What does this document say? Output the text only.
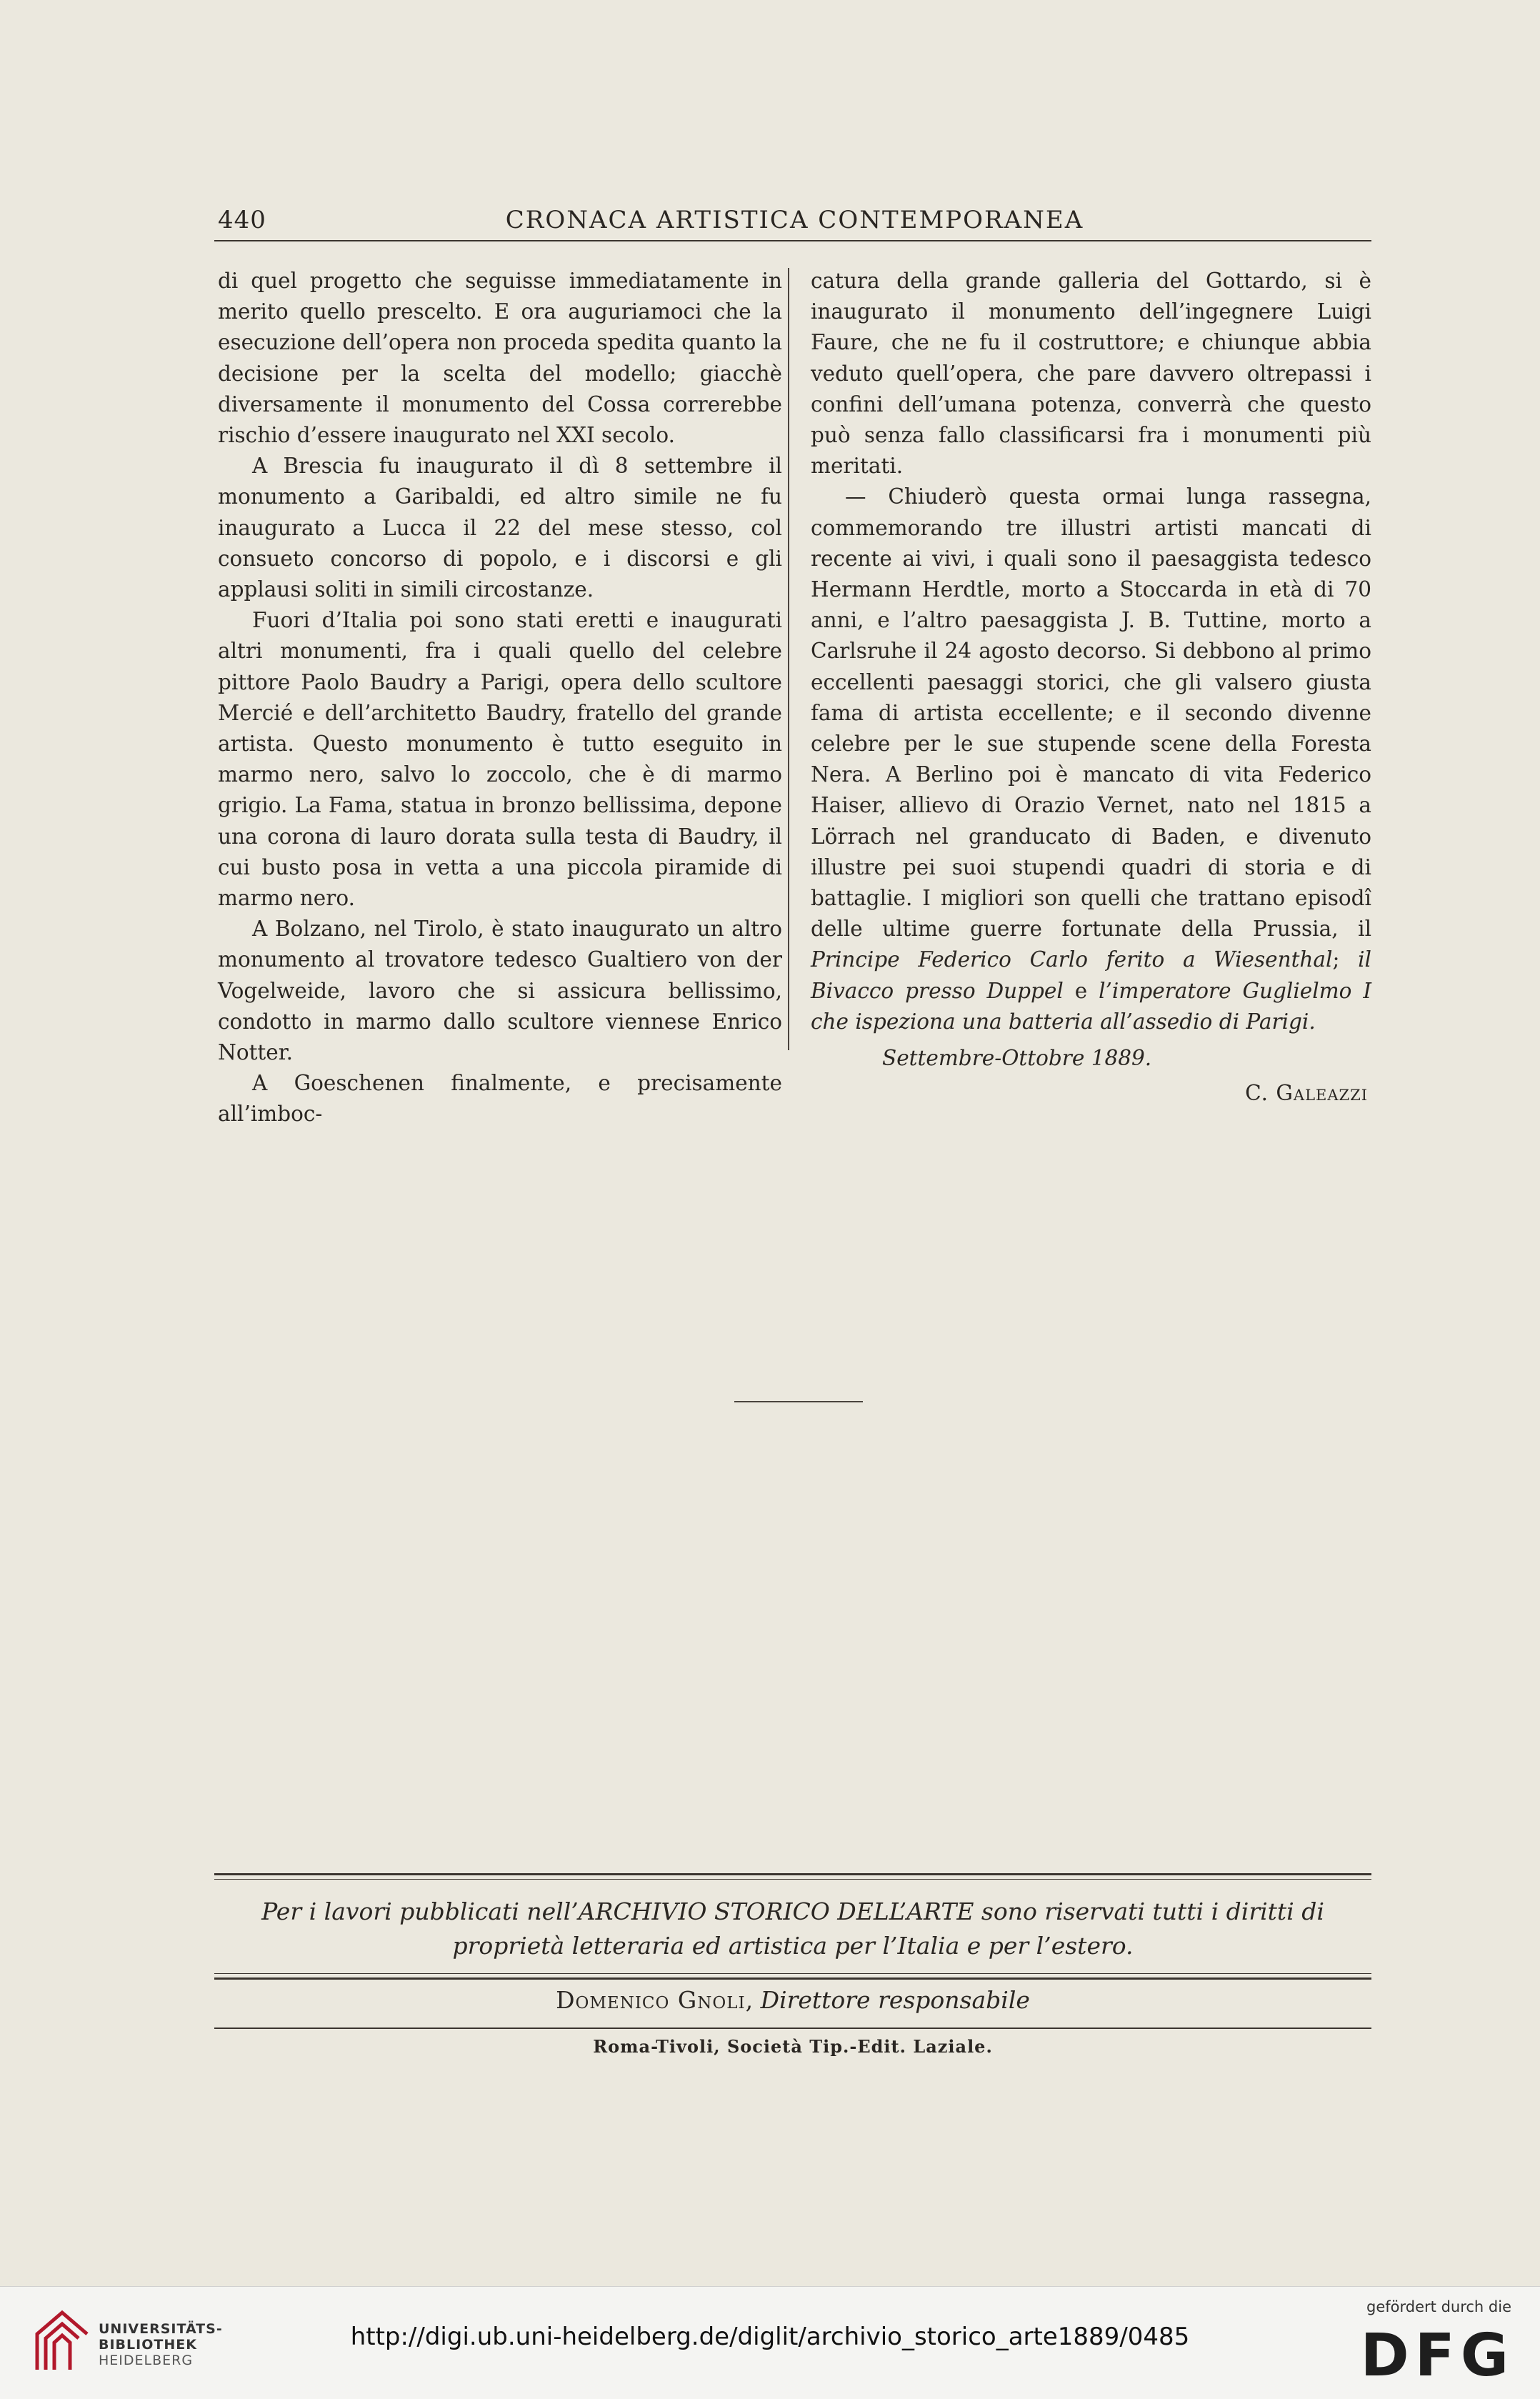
440	CRONACA ARTISTICA CONTEMPORANEA

di quel progetto che seguisse immediatamente in merito quello prescelto. E ora auguriamoci che la esecuzione dell’opera non proceda spedita quanto la decisione per la scelta del modello; giacchè diversamente il monumento del Cossa correrebbe rischio d’essere inaugurato nel XXI secolo.

A Brescia fu inaugurato il dì 8 settembre il monumento a Garibaldi, ed altro simile ne fu inaugurato a Lucca il 22 del mese stesso, col consueto concorso di popolo, e i discorsi e gli applausi soliti in simili circostanze.

Fuori d’Italia poi sono stati eretti e inaugurati altri monumenti, fra i quali quello del celebre pittore Paolo Baudry a Parigi, opera dello scultore Mercié e dell’architetto Baudry, fratello del grande artista. Questo monumento è tutto eseguito in marmo nero, salvo lo zoccolo, che è di marmo grigio. La Fama, statua in bronzo bellissima, depone una corona di lauro dorata sulla testa di Baudry, il cui busto posa in vetta a una piccola piramide di marmo nero.

A Bolzano, nel Tirolo, è stato inaugurato un altro monumento al trovatore tedesco Gualtiero von der Vogelweide, lavoro che si assicura bellissimo, condotto in marmo dallo scultore viennese Enrico Notter.

A Goeschenen finalmente, e precisamente all’imboc-

catura della grande galleria del Gottardo, si è inaugurato il monumento dell’ingegnere Luigi Faure, che ne fu il costruttore; e chiunque abbia veduto quell’opera, che pare davvero oltrepassi i confini dell’umana potenza, converrà che questo può senza fallo classificarsi fra i monumenti più meritati.

— Chiuderò questa ormai lunga rassegna, commemorando tre illustri artisti mancati di recente ai vivi, i quali sono il paesaggista tedesco Hermann Herdtle, morto a Stoccarda in età di 70 anni, e l’altro paesaggista J. B. Tuttine, morto a Carlsruhe il 24 agosto decorso. Si debbono al primo eccellenti paesaggi storici, che gli valsero giusta fama di artista eccellente; e il secondo divenne celebre per le sue stupende scene della Foresta Nera. A Berlino poi è mancato di vita Federico Haiser, allievo di Orazio Vernet, nato nel 1815 a Lörrach nel granducato di Baden, e divenuto illustre pei suoi stupendi quadri di storia e di battaglie. I migliori son quelli che trattano episodî delle ultime guerre fortunate della Prussia, il Principe Federico Carlo ferito a Wiesenthal; il Bivacco presso Duppel e l’imperatore Guglielmo I che ispeziona una batteria all’assedio di Parigi.

Settembre-Ottobre 1889.
C. Galeazzi
Per i lavori pubblicati nell’ARCHIVIO STORICO DELL’ARTE sono riservati tutti i diritti di proprietà letteraria ed artistica per l’Italia e per l’estero.
Domenico Gnoli, Direttore responsabile
Roma-Tivoli, Società Tip.-Edit. Laziale.
UNIVERSITÄTS-
BIBLIOTHEK
HEIDELBERG
http://digi.ub.uni-heidelberg.de/diglit/archivio_storico_arte1889/0485
gefördert durch die
DFG
